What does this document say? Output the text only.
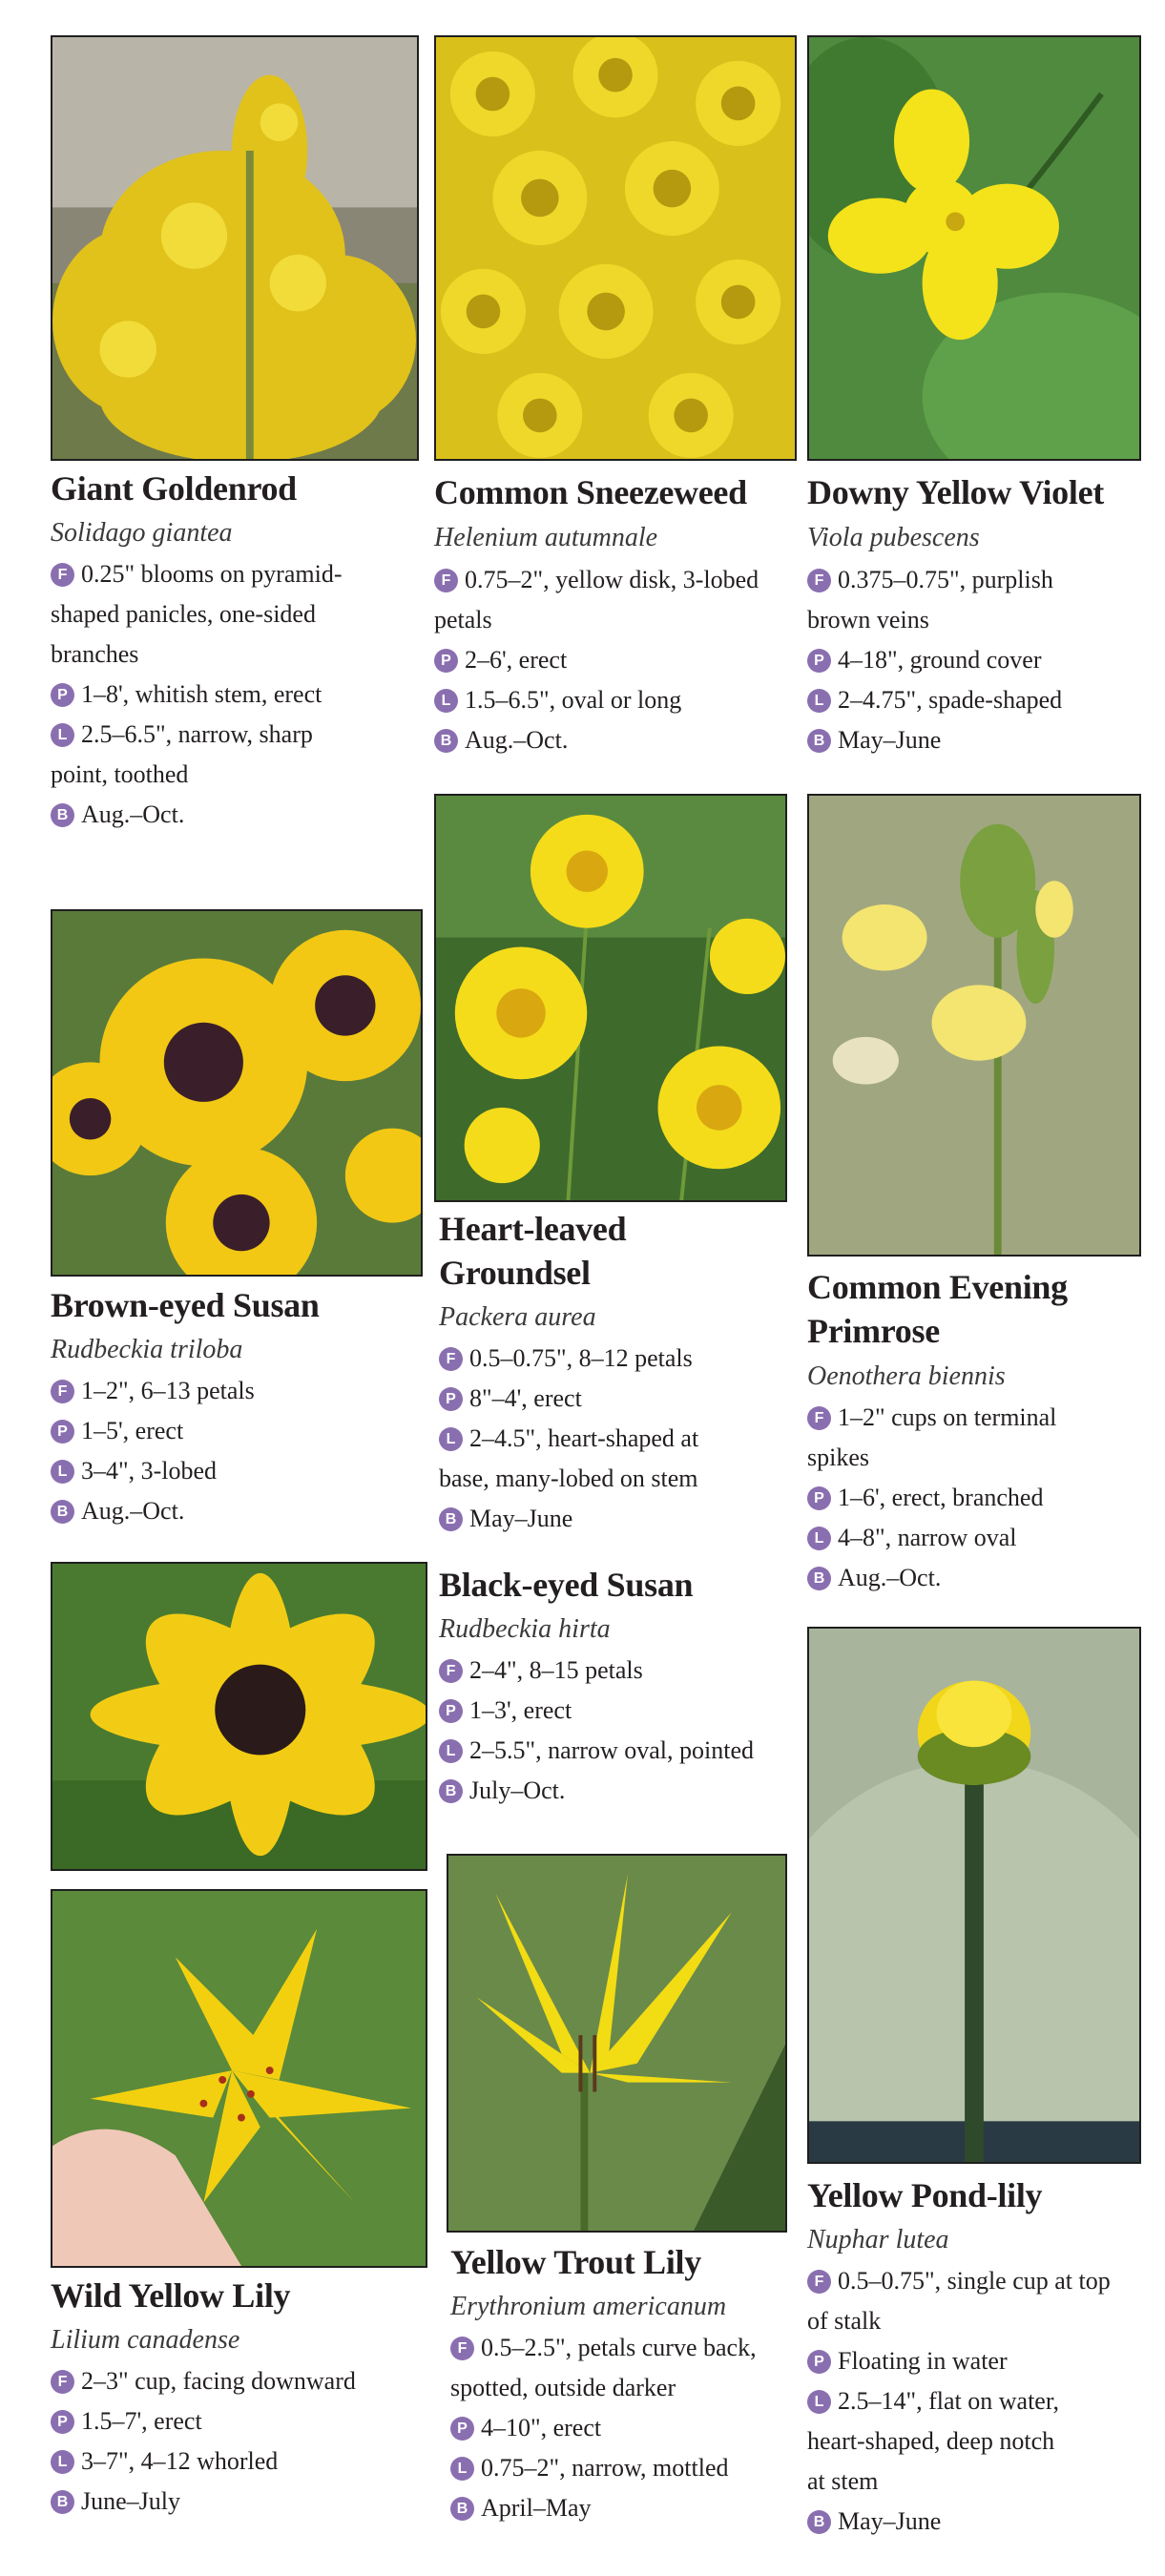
Giant Goldenrod
Solidago giantea
F 0.25" blooms on pyramid-
shaped panicles, one-sided
branches
P 1–8', whitish stem, erect
L 2.5–6.5", narrow, sharp
point, toothed
B Aug.–Oct.
Common Sneezeweed
Helenium autumnale
F 0.75–2", yellow disk, 3-lobed
petals
P 2–6', erect
L 1.5–6.5", oval or long
B Aug.–Oct.
Downy Yellow Violet
Viola pubescens
F 0.375–0.75", purplish
brown veins
P 4–18", ground cover
L 2–4.75", spade-shaped
B May–June
Brown-eyed Susan
Rudbeckia triloba
F 1–2", 6–13 petals
P 1–5', erect
L 3–4", 3-lobed
B Aug.–Oct.
Heart-leaved
Groundsel
Packera aurea
F 0.5–0.75", 8–12 petals
P 8"–4', erect
L 2–4.5", heart-shaped at
base, many-lobed on stem
B May–June
Common Evening
Primrose
Oenothera biennis
F 1–2" cups on terminal
spikes
P 1–6', erect, branched
L 4–8", narrow oval
B Aug.–Oct.
Black-eyed Susan
Rudbeckia hirta
F 2–4", 8–15 petals
P 1–3', erect
L 2–5.5", narrow oval, pointed
B July–Oct.
Wild Yellow Lily
Lilium canadense
F 2–3" cup, facing downward
P 1.5–7', erect
L 3–7", 4–12 whorled
B June–July
Yellow Trout Lily
Erythronium americanum
F 0.5–2.5", petals curve back,
spotted, outside darker
P 4–10", erect
L 0.75–2", narrow, mottled
B April–May
Yellow Pond-lily
Nuphar lutea
F 0.5–0.75", single cup at top
of stalk
P Floating in water
L 2.5–14", flat on water,
heart-shaped, deep notch
at stem
B May–June
